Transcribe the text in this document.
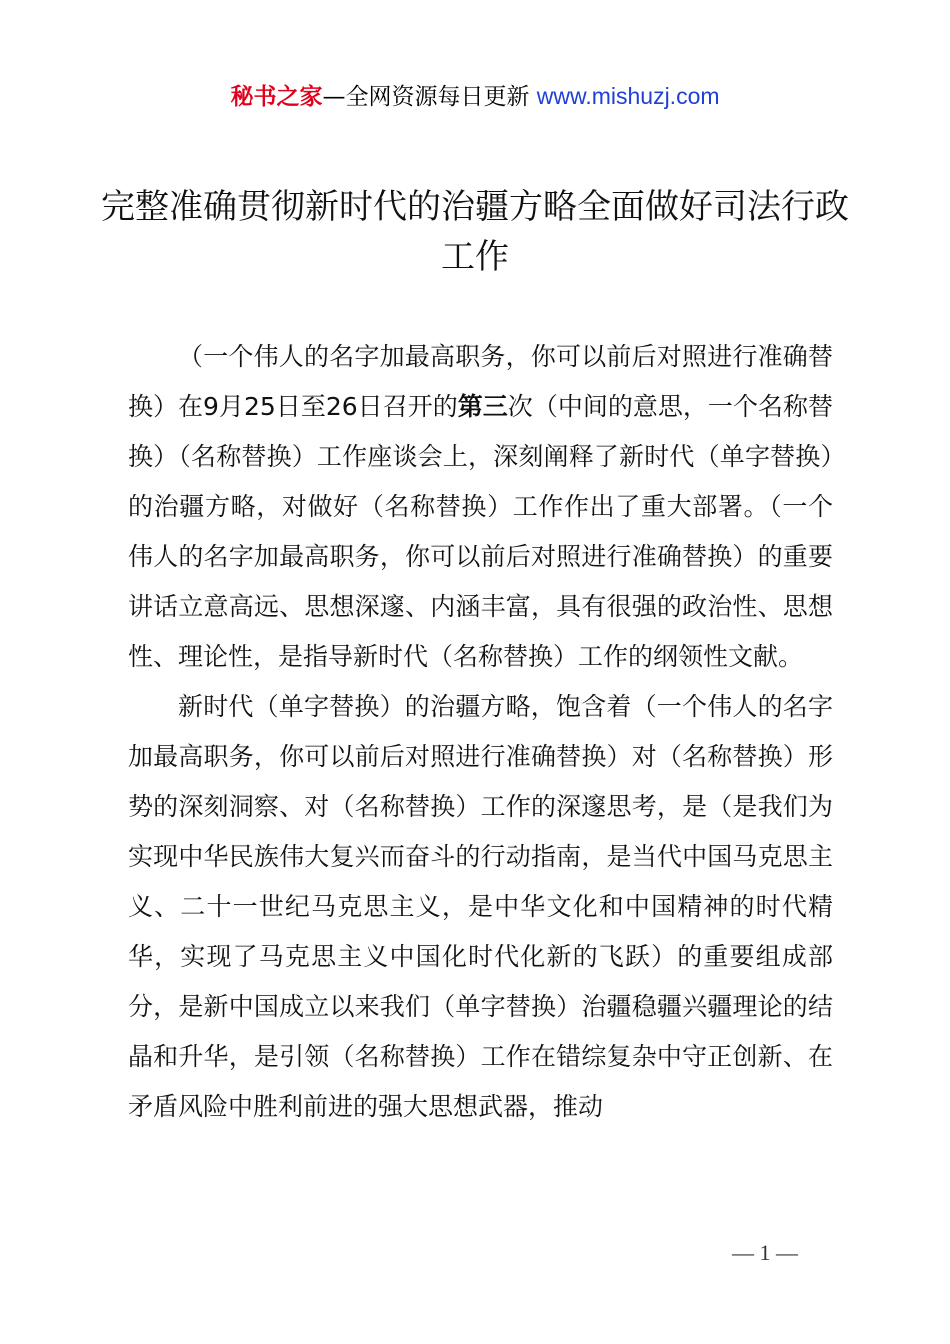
秘书之家—全网资源每日更新 www.mishuzj.com
完整准确贯彻新时代的治疆方略全面做好司法行政工作

（一个伟人的名字加最高职务，你可以前后对照进行准确替换）在9月25日至26日召开的第三次（中间的意思，一个名称替换）（名称替换）工作座谈会上，深刻阐释了新时代（单字替换）的治疆方略，对做好（名称替换）工作作出了重大部署。（一个伟人的名字加最高职务，你可以前后对照进行准确替换）的重要讲话立意高远、思想深邃、内涵丰富，具有很强的政治性、思想性、理论性，是指导新时代（名称替换）工作的纲领性文献。

新时代（单字替换）的治疆方略，饱含着（一个伟人的名字加最高职务，你可以前后对照进行准确替换）对（名称替换）形势的深刻洞察、对（名称替换）工作的深邃思考，是（是我们为实现中华民族伟大复兴而奋斗的行动指南，是当代中国马克思主义、二十一世纪马克思主义，是中华文化和中国精神的时代精华，实现了马克思主义中国化时代化新的飞跃）的重要组成部分，是新中国成立以来我们（单字替换）治疆稳疆兴疆理论的结晶和升华，是引领（名称替换）工作在错综复杂中守正创新、在矛盾风险中胜利前进的强大思想武器，推动

— 1 —
